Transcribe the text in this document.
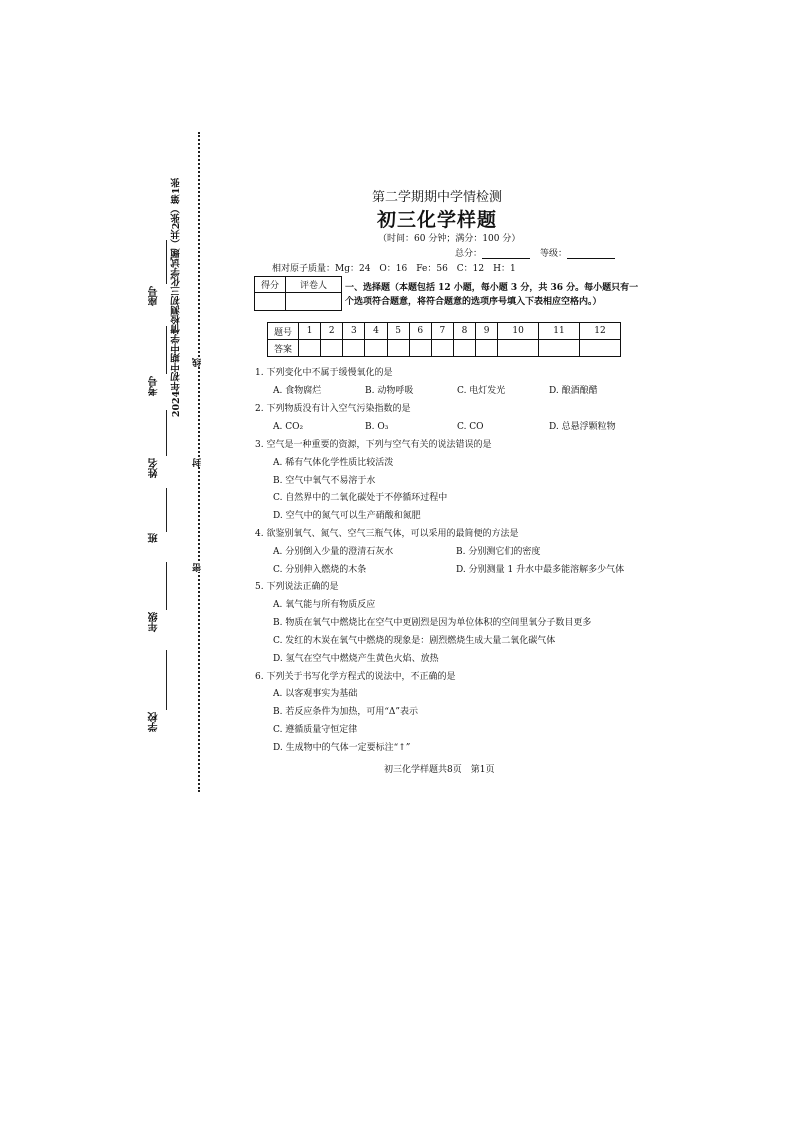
学校
年级
班
姓名
考号
座号 2024年初中期中学情检测初三化学试题（共2张）第1张
密
封
线
第二学期期中学情检测
初三化学样题
（时间：60 分钟；满分：100 分）
总分：	等级：
相对原子质量：Mg：24　O：16　Fe：56　C：12　H：1
得分	评卷人
	一、选择题（本题包括 12 小题，每小题 3 分，共 36 分。每小题只有一个选项符合题意，将符合题意的选项序号填入下表相应空格内。）
题号	1	2	3	4	5	6	7	8	9	10	11	12
答案												
1. 下列变化中不属于缓慢氧化的是
A. 食物腐烂	B. 动物呼吸	C. 电灯发光	D. 酿酒酿醋
2. 下列物质没有计入空气污染指数的是
A. CO₂	B. O₃	C. CO	D. 总悬浮颗粒物
3. 空气是一种重要的资源，下列与空气有关的说法错误的是
A. 稀有气体化学性质比较活泼
B. 空气中氧气不易溶于水
C. 自然界中的二氧化碳处于不停循环过程中
D. 空气中的氮气可以生产硝酸和氮肥
4. 欲鉴别氧气、氮气、空气三瓶气体，可以采用的最简便的方法是
A. 分别倒入少量的澄清石灰水	B. 分别测它们的密度
C. 分别伸入燃烧的木条	D. 分别测量 1 升水中最多能溶解多少气体
5. 下列说法正确的是
A. 氧气能与所有物质反应
B. 物质在氧气中燃烧比在空气中更剧烈是因为单位体积的空间里氧分子数目更多
C. 发红的木炭在氧气中燃烧的现象是：剧烈燃烧生成大量二氧化碳气体
D. 氢气在空气中燃烧产生黄色火焰、放热
6. 下列关于书写化学方程式的说法中，不正确的是
A. 以客观事实为基础
B. 若反应条件为加热，可用“Δ”表示
C. 遵循质量守恒定律
D. 生成物中的气体一定要标注“↑”
初三化学样题共8页　第1页
